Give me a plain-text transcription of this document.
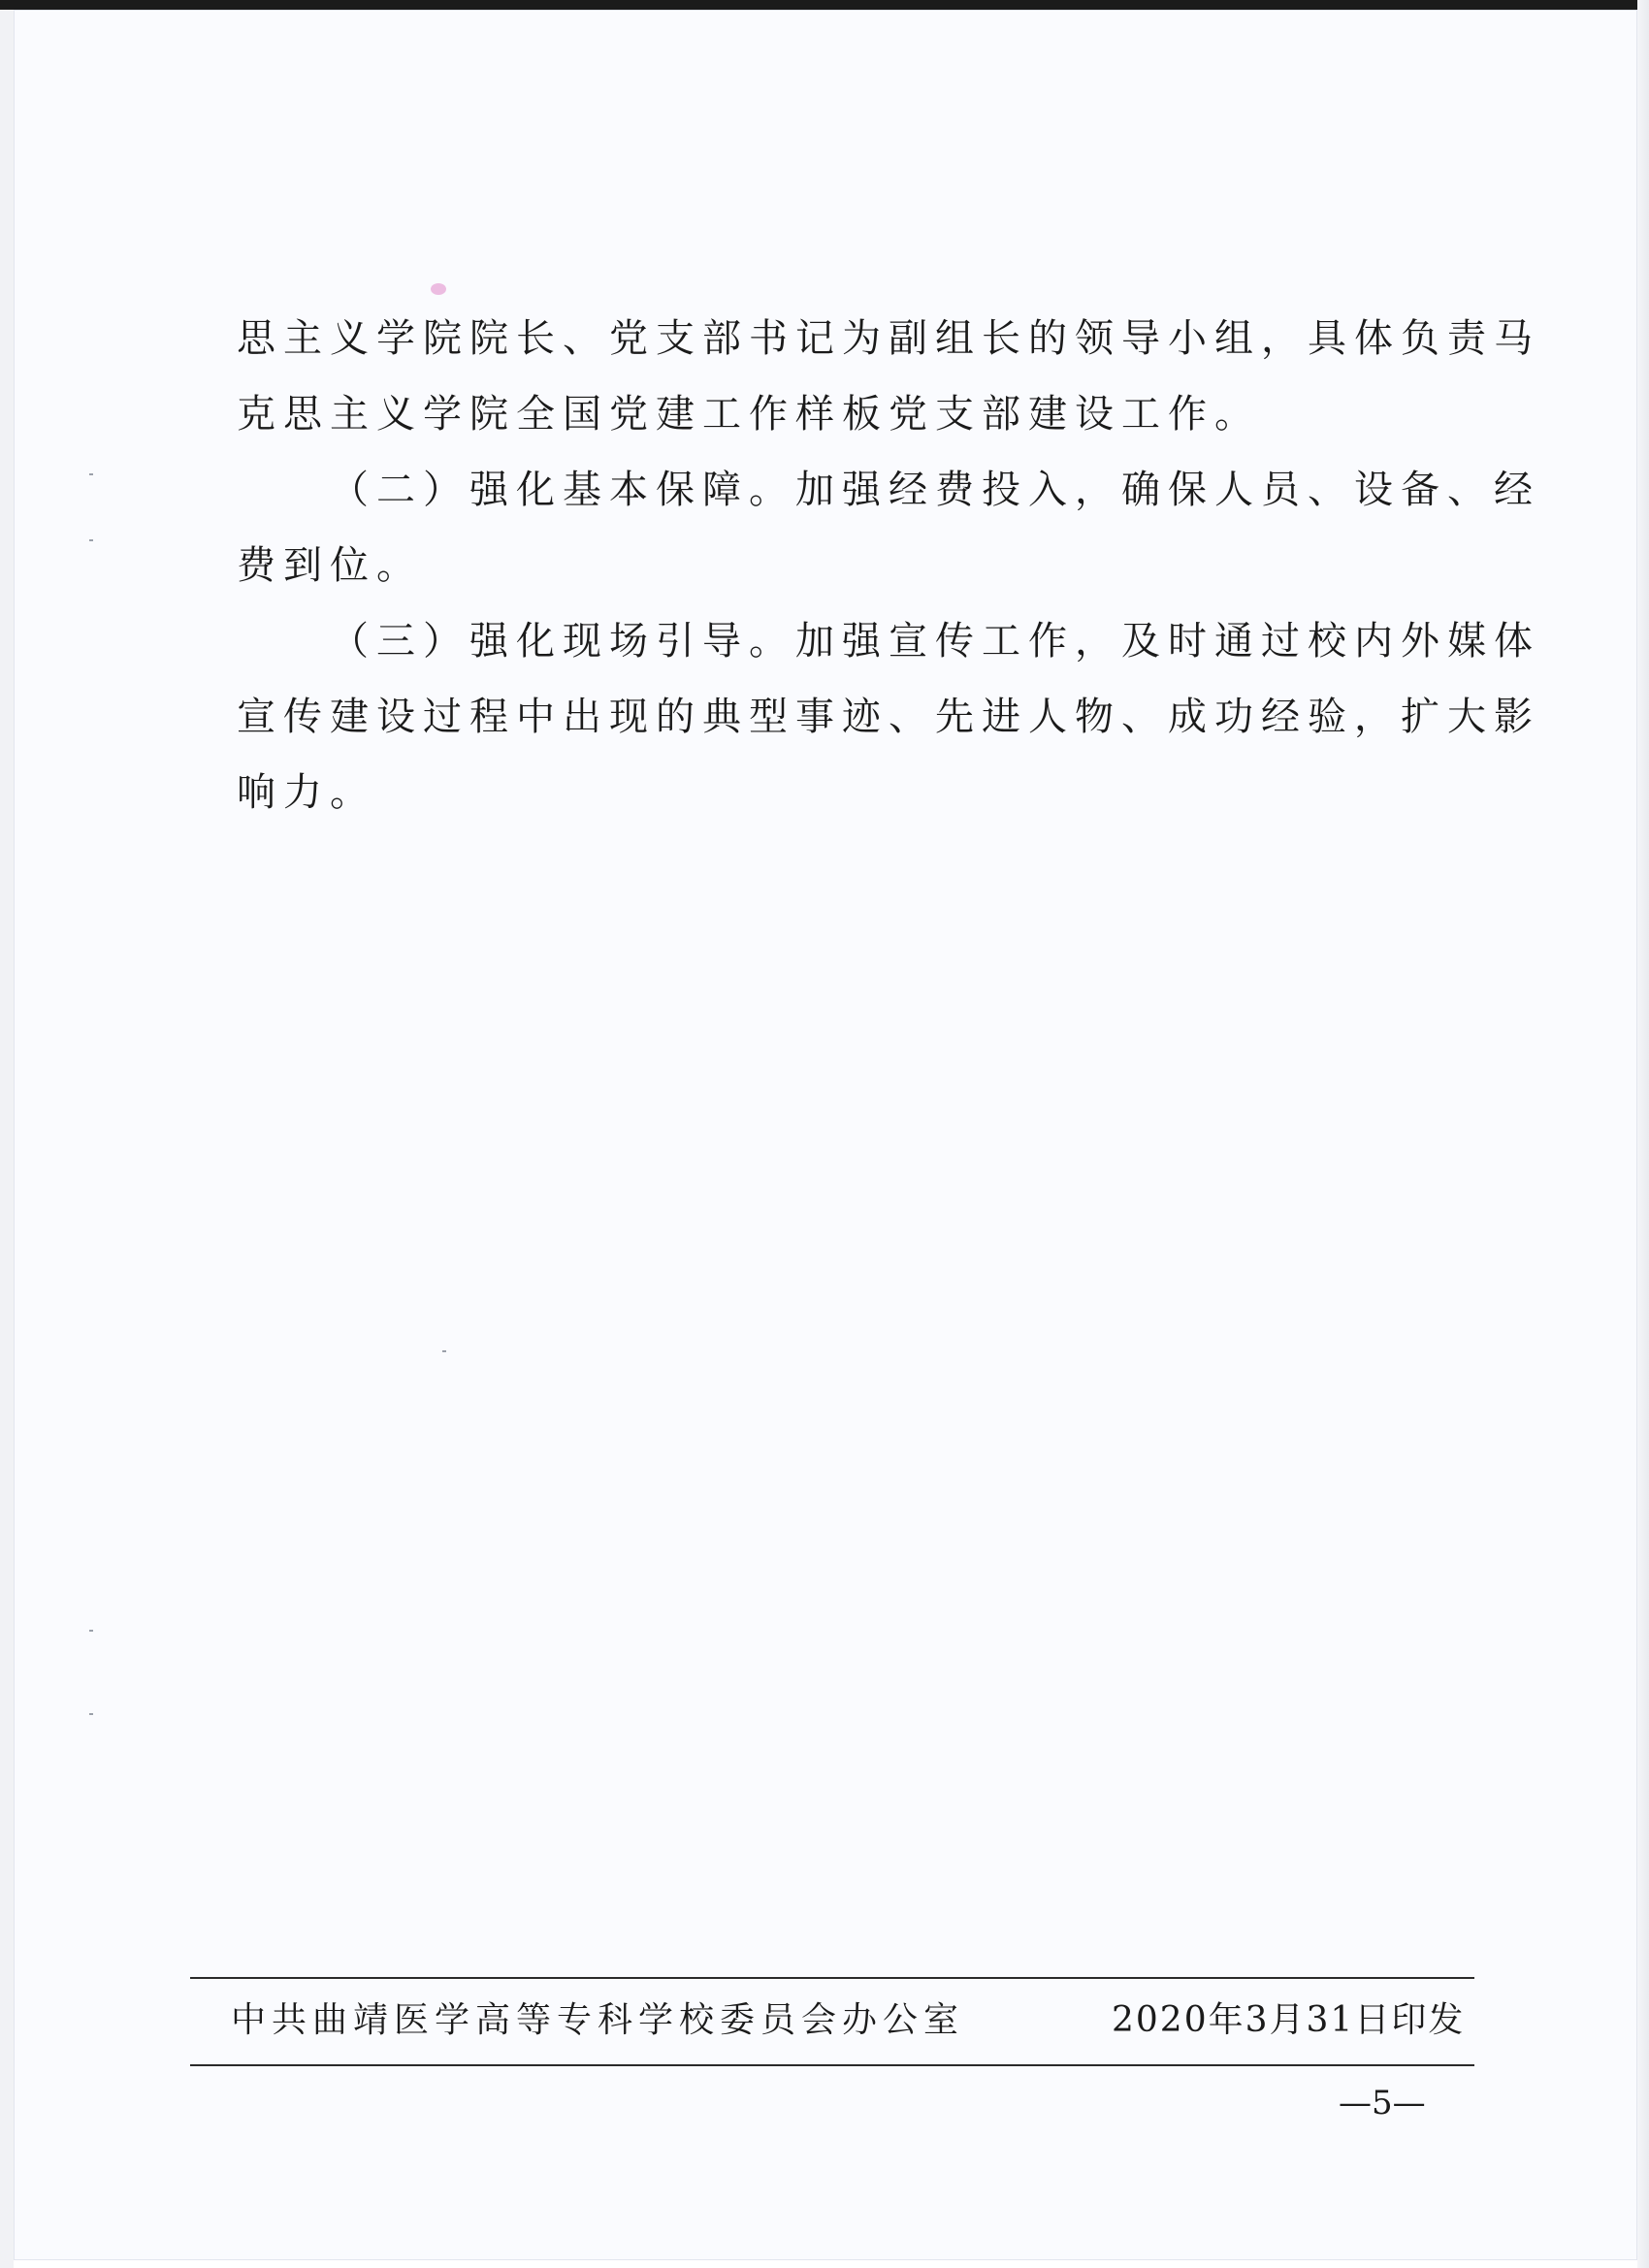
思主义学院院长、党支部书记为副组长的领导小组，具体负责马

克思主义学院全国党建工作样板党支部建设工作。

（二）强化基本保障。加强经费投入，确保人员、设备、经

费到位。

（三）强化现场引导。加强宣传工作，及时通过校内外媒体

宣传建设过程中出现的典型事迹、先进人物、成功经验，扩大影

响力。

中共曲靖医学高等专科学校委员会办公室	2020年3月31日印发
—5—
